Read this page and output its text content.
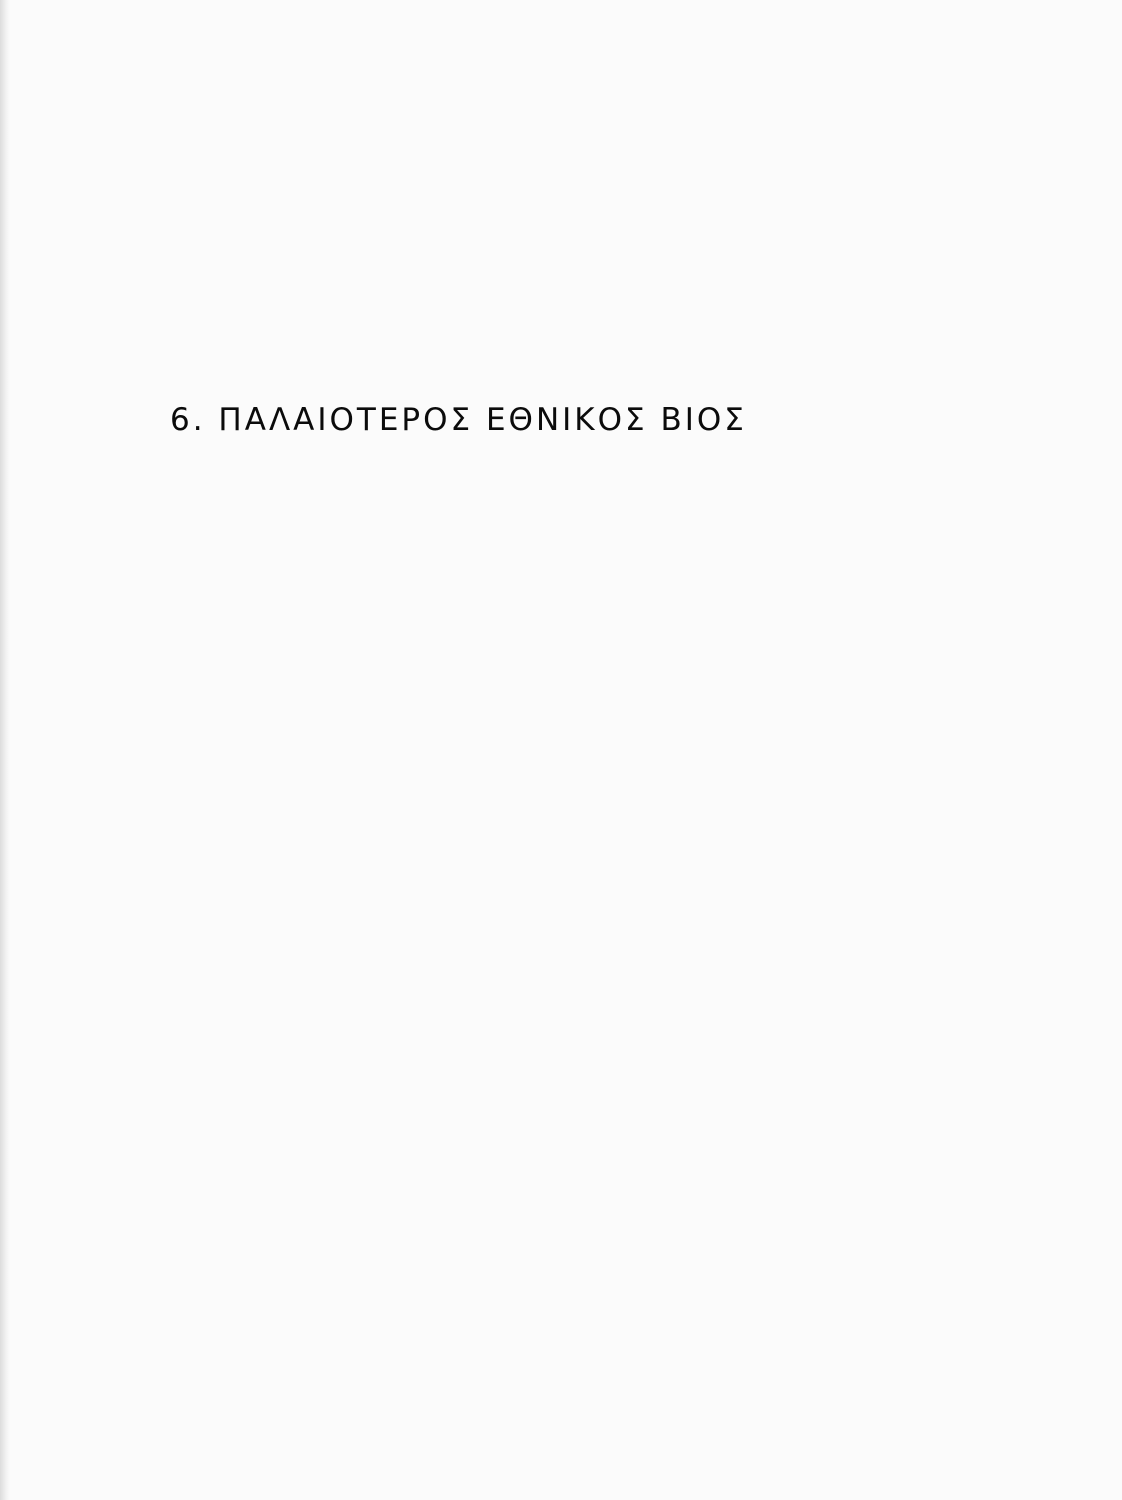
6. ΠΑΛΑΙΟΤΕΡΟΣ ΕΘΝΙΚΟΣ ΒΙΟΣ
